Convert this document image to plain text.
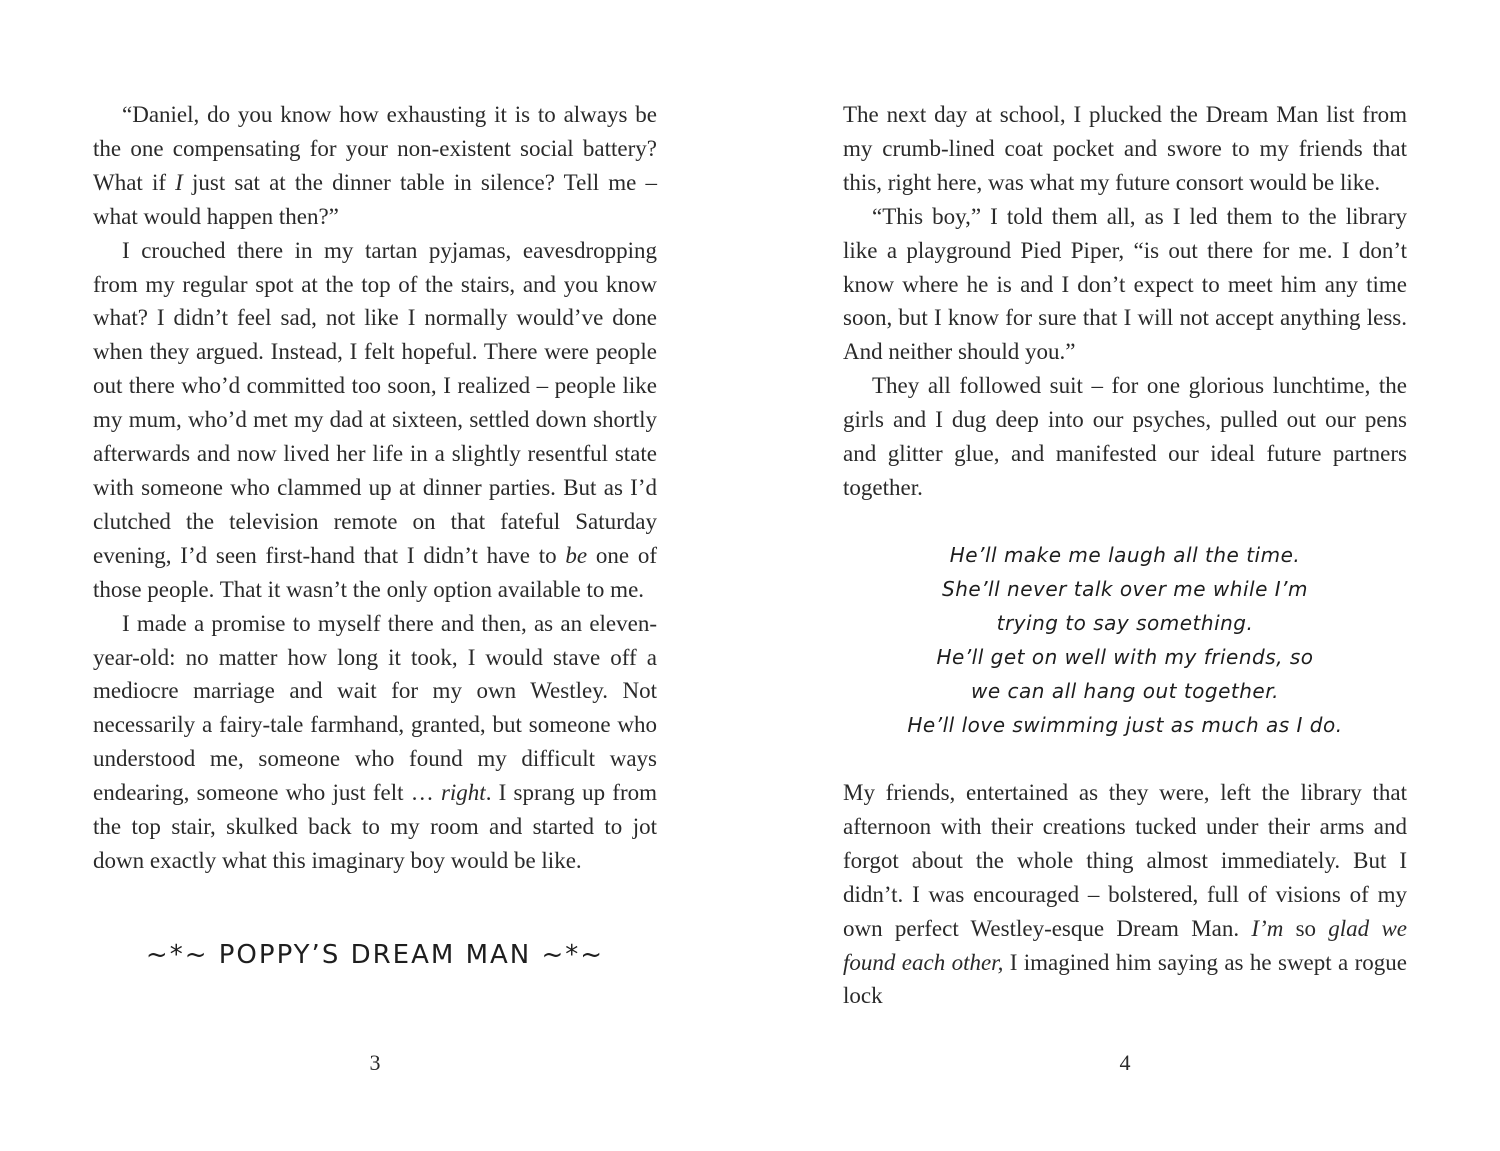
“Daniel, do you know how exhausting it is to always be the one compensating for your non-existent social battery? What if I just sat at the dinner table in silence? Tell me – what would happen then?”

I crouched there in my tartan pyjamas, eavesdropping from my regular spot at the top of the stairs, and you know what? I didn’t feel sad, not like I normally would’ve done when they argued. Instead, I felt hopeful. There were people out there who’d committed too soon, I realized – people like my mum, who’d met my dad at sixteen, settled down shortly afterwards and now lived her life in a slightly resentful state with someone who clammed up at dinner parties. But as I’d clutched the television remote on that fateful Saturday evening, I’d seen first-hand that I didn’t have to be one of those people. That it wasn’t the only option available to me.

I made a promise to myself there and then, as an eleven-year-old: no matter how long it took, I would stave off a mediocre marriage and wait for my own Westley. Not necessarily a fairy-tale farmhand, granted, but someone who understood me, someone who found my difficult ways endearing, someone who just felt … right. I sprang up from the top stair, skulked back to my room and started to jot down exactly what this imaginary boy would be like.

~*~ POPPY’S DREAM MAN ~*~
3

The next day at school, I plucked the Dream Man list from my crumb-lined coat pocket and swore to my friends that this, right here, was what my future consort would be like.

“This boy,” I told them all, as I led them to the library like a playground Pied Piper, “is out there for me. I don’t know where he is and I don’t expect to meet him any time soon, but I know for sure that I will not accept anything less. And neither should you.”

They all followed suit – for one glorious lunchtime, the girls and I dug deep into our psyches, pulled out our pens and glitter glue, and manifested our ideal future partners together.

He’ll make me laugh all the time.
She’ll never talk over me while I’m
trying to say something.
He’ll get on well with my friends, so
we can all hang out together.
He’ll love swimming just as much as I do.

My friends, entertained as they were, left the library that afternoon with their creations tucked under their arms and forgot about the whole thing almost immediately. But I didn’t. I was encouraged – bolstered, full of visions of my own perfect Westley-esque Dream Man. I’m so glad we found each other, I imagined him saying as he swept a rogue lock

4
